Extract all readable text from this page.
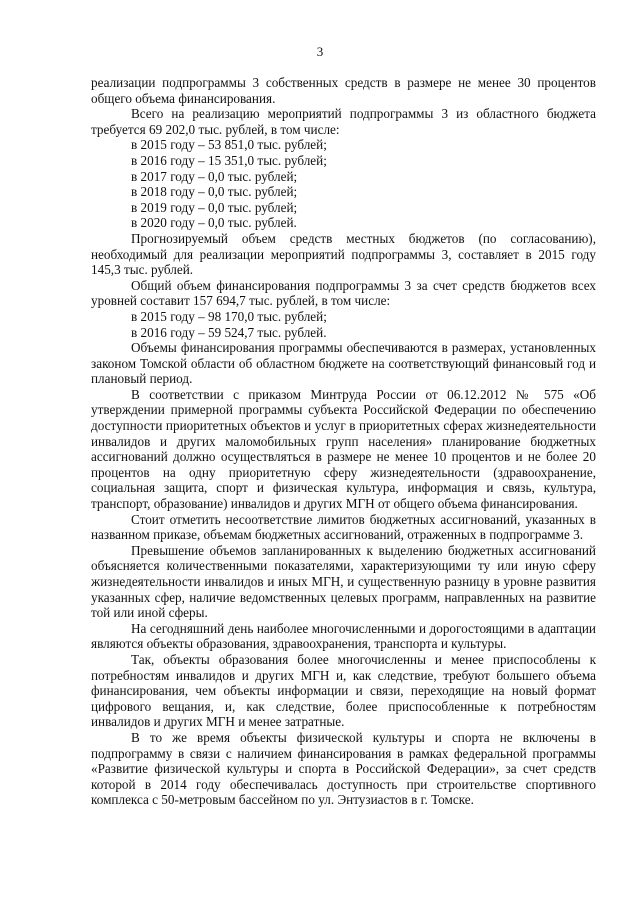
3

реализации подпрограммы 3 собственных средств в размере не менее 30 процентов общего объема финансирования.

Всего на реализацию мероприятий подпрограммы 3 из областного бюджета требуется 69 202,0 тыс. рублей, в том числе:

в 2015 году – 53 851,0 тыс. рублей;

в 2016 году – 15 351,0 тыс. рублей;

в 2017 году – 0,0 тыс. рублей;

в 2018 году – 0,0 тыс. рублей;

в 2019 году – 0,0 тыс. рублей;

в 2020 году – 0,0 тыс. рублей.

Прогнозируемый объем средств местных бюджетов (по согласованию), необходимый для реализации мероприятий подпрограммы 3, составляет в 2015 году 145,3 тыс. рублей.

Общий объем финансирования подпрограммы 3 за счет средств бюджетов всех уровней составит 157 694,7 тыс. рублей, в том числе:

в 2015 году – 98 170,0 тыс. рублей;

в 2016 году – 59 524,7 тыс. рублей.

Объемы финансирования программы обеспечиваются в размерах, установленных законом Томской области об областном бюджете на соответствующий финансовый год и плановый период.

В соответствии с приказом Минтруда России от 06.12.2012 № 575 «Об утверждении примерной программы субъекта Российской Федерации по обеспечению доступности приоритетных объектов и услуг в приоритетных сферах жизнедеятельности инвалидов и других маломобильных групп населения» планирование бюджетных ассигнований должно осуществляться в размере не менее 10 процентов и не более 20 процентов на одну приоритетную сферу жизнедеятельности (здравоохранение, социальная защита, спорт и физическая культура, информация и связь, культура, транспорт, образование) инвалидов и других МГН от общего объема финансирования.

Стоит отметить несоответствие лимитов бюджетных ассигнований, указанных в названном приказе, объемам бюджетных ассигнований, отраженных в подпрограмме 3.

Превышение объемов запланированных к выделению бюджетных ассигнований объясняется количественными показателями, характеризующими ту или иную сферу жизнедеятельности инвалидов и иных МГН, и существенную разницу в уровне развития указанных сфер, наличие ведомственных целевых программ, направленных на развитие той или иной сферы.

На сегодняшний день наиболее многочисленными и дорогостоящими в адаптации являются объекты образования, здравоохранения, транспорта и культуры.

Так, объекты образования более многочисленны и менее приспособлены к потребностям инвалидов и других МГН и, как следствие, требуют большего объема финансирования, чем объекты информации и связи, переходящие на новый формат цифрового вещания, и, как следствие, более приспособленные к потребностям инвалидов и других МГН и менее затратные.

В то же время объекты физической культуры и спорта не включены в подпрограмму в связи с наличием финансирования в рамках федеральной программы «Развитие физической культуры и спорта в Российской Федерации», за счет средств которой в 2014 году обеспечивалась доступность при строительстве спортивного комплекса с 50-метровым бассейном по ул. Энтузиастов в г. Томске.
